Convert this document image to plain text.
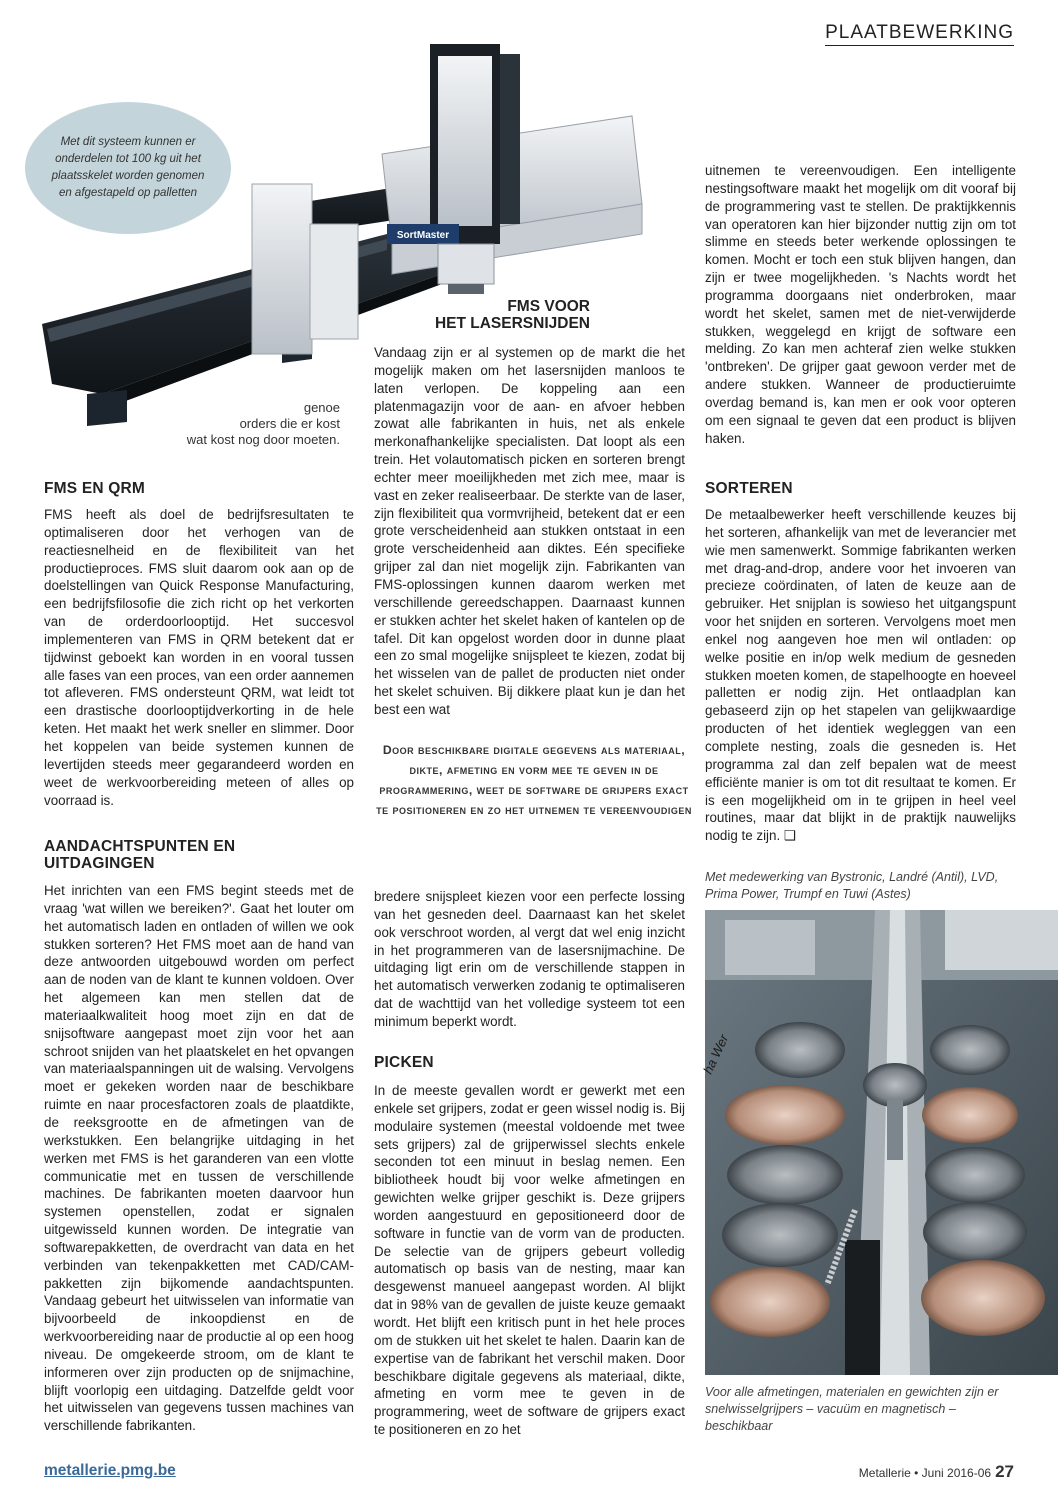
PLAATBEWERKING
SortMaster

Met dit systeem kunnen er onderdelen tot 100 kg uit het plaatsskelet worden genomen en afgestapeld op palletten

genoe
orders die er kost
wat kost nog door moeten.
FMS EN QRM

FMS heeft als doel de bedrijfsresultaten te optimaliseren door het verhogen van de reactiesnelheid en de flexibiliteit van het productieproces. FMS sluit daarom ook aan op de doelstellingen van Quick Response Manufacturing, een bedrijfsfilosofie die zich richt op het verkorten van de orderdoorlooptijd. Het succesvol implementeren van FMS in QRM betekent dat er tijdwinst geboekt kan worden in en vooral tussen alle fases van een proces, van een order aannemen tot afleveren. FMS ondersteunt QRM, wat leidt tot een drastische doorlooptijdverkorting in de hele keten. Het maakt het werk sneller en slimmer. Door het koppelen van beide systemen kunnen de levertijden steeds meer gegarandeerd worden en weet de werkvoorbereiding meteen of alles op voorraad is.

AANDACHTSPUNTEN EN UITDAGINGEN

Het inrichten van een FMS begint steeds met de vraag 'wat willen we bereiken?'. Gaat het louter om het automatisch laden en ontladen of willen we ook stukken sorteren? Het FMS moet aan de hand van deze antwoorden uitgebouwd worden om perfect aan de noden van de klant te kunnen voldoen. Over het algemeen kan men stellen dat de materiaalkwaliteit hoog moet zijn en dat de snijsoftware aangepast moet zijn voor het aan schroot snijden van het plaatskelet en het opvangen van materiaalspanningen uit de walsing. Vervolgens moet er gekeken worden naar de beschikbare ruimte en naar procesfactoren zoals de plaatdikte, de reeksgrootte en de afmetingen van de werkstukken. Een belangrijke uitdaging in het werken met FMS is het garanderen van een vlotte communicatie met en tussen de verschillende machines. De fabrikanten moeten daarvoor hun systemen openstellen, zodat er signalen uitgewisseld kunnen worden. De integratie van softwarepakketten, de overdracht van data en het verbinden van tekenpakketten met CAD/CAM-pakketten zijn bijkomende aandachtspunten. Vandaag gebeurt het uitwisselen van informatie van bijvoorbeeld de inkoopdienst en de werkvoorbereiding naar de productie al op een hoog niveau. De omgekeerde stroom, om de klant te informeren over zijn producten op de snijmachine, blijft voorlopig een uitdaging. Datzelfde geldt voor het uitwisselen van gegevens tussen machines van verschillende fabrikanten.

FMS VOOR
HET LASERSNIJDEN

Vandaag zijn er al systemen op de markt die het mogelijk maken om het lasersnijden manloos te laten verlopen. De koppeling aan een platenmagazijn voor de aan- en afvoer hebben zowat alle fabrikanten in huis, net als enkele merkonafhankelijke specialisten. Dat loopt als een trein. Het volautomatisch picken en sorteren brengt echter meer moeilijkheden met zich mee, maar is vast en zeker realiseerbaar. De sterkte van de laser, zijn flexibiliteit qua vormvrijheid, betekent dat er een grote verscheidenheid aan stukken ontstaat in een grote verscheidenheid aan diktes. Eén specifieke grijper zal dan niet mogelijk zijn. Fabrikanten van FMS-oplossingen kunnen daarom werken met verschillende gereedschappen. Daarnaast kunnen er stukken achter het skelet haken of kantelen op de tafel. Dit kan opgelost worden door in dunne plaat een zo smal mogelijke snijspleet te kiezen, zodat bij het wisselen van de pallet de producten niet onder het skelet schuiven. Bij dikkere plaat kun je dan het best een wat

Door beschikbare digitale gegevens als materiaal, dikte, afmeting en vorm mee te geven in de programmering, weet de software de grijpers exact te positioneren en zo het uitnemen te vereenvoudigen

bredere snijspleet kiezen voor een perfecte lossing van het gesneden deel. Daarnaast kan het skelet ook verschroot worden, al vergt dat wel enig inzicht in het programmeren van de lasersnijmachine. De uitdaging ligt erin om de verschillende stappen in het automatisch verwerken zodanig te optimaliseren dat de wachttijd van het volledige systeem tot een minimum beperkt wordt.

PICKEN

In de meeste gevallen wordt er gewerkt met een enkele set grijpers, zodat er geen wissel nodig is. Bij modulaire systemen (meestal voldoende met twee sets grijpers) zal de grijperwissel slechts enkele seconden tot een minuut in beslag nemen. Een bibliotheek houdt bij voor welke afmetingen en gewichten welke grijper geschikt is. Deze grijpers worden aangestuurd en gepositioneerd door de software in functie van de vorm van de producten. De selectie van de grijpers gebeurt volledig automatisch op basis van de nesting, maar kan desgewenst manueel aangepast worden. Al blijkt dat in 98% van de gevallen de juiste keuze gemaakt wordt. Het blijft een kritisch punt in het hele proces om de stukken uit het skelet te halen. Daarin kan de expertise van de fabrikant het verschil maken. Door beschikbare digitale gegevens als materiaal, dikte, afmeting en vorm mee te geven in de programmering, weet de software de grijpers exact te positioneren en zo het

uitnemen te vereenvoudigen. Een intelligente nestingsoftware maakt het mogelijk om dit vooraf bij de programmering vast te stellen. De praktijkkennis van operatoren kan hier bijzonder nuttig zijn om tot slimme en steeds beter werkende oplossingen te komen. Mocht er toch een stuk blijven hangen, dan zijn er twee mogelijkheden. 's Nachts wordt het programma doorgaans niet onderbroken, maar wordt het skelet, samen met de niet-verwijderde stukken, weggelegd en krijgt de software een melding. Zo kan men achteraf zien welke stukken 'ontbreken'. De grijper gaat gewoon verder met de andere stukken. Wanneer de productieruimte overdag bemand is, kan men er ook voor opteren om een signaal te geven dat een product is blijven haken.

SORTEREN

De metaalbewerker heeft verschillende keuzes bij het sorteren, afhankelijk van met de leverancier met wie men samenwerkt. Sommige fabrikanten werken met drag-and-drop, andere voor het invoeren van precieze coördinaten, of laten de keuze aan de gebruiker. Het snijplan is sowieso het uitgangspunt voor het snijden en sorteren. Vervolgens moet men enkel nog aangeven hoe men wil ontladen: op welke positie en in/op welk medium de gesneden stukken moeten komen, de stapelhoogte en hoeveel palletten er nodig zijn. Het ontlaadplan kan gebaseerd zijn op het stapelen van gelijkwaardige producten of het identiek wegleggen van een complete nesting, zoals die gesneden is. Het programma zal dan zelf bepalen wat de meest efficiënte manier is om tot dit resultaat te komen. Er is een mogelijkheid om in te grijpen in heel veel routines, maar dat blijkt in de praktijk nauwelijks nodig te zijn. ❑

Met medewerking van Bystronic, Landré (Antil), LVD, Prima Power, Trumpf en Tuwi (Astes)
ha Wer
Voor alle afmetingen, materialen en gewichten zijn er snelwisselgrijpers – vacuüm en magnetisch – beschikbaar
metallerie.pmg.be	Metallerie • Juni 2016-06 27
